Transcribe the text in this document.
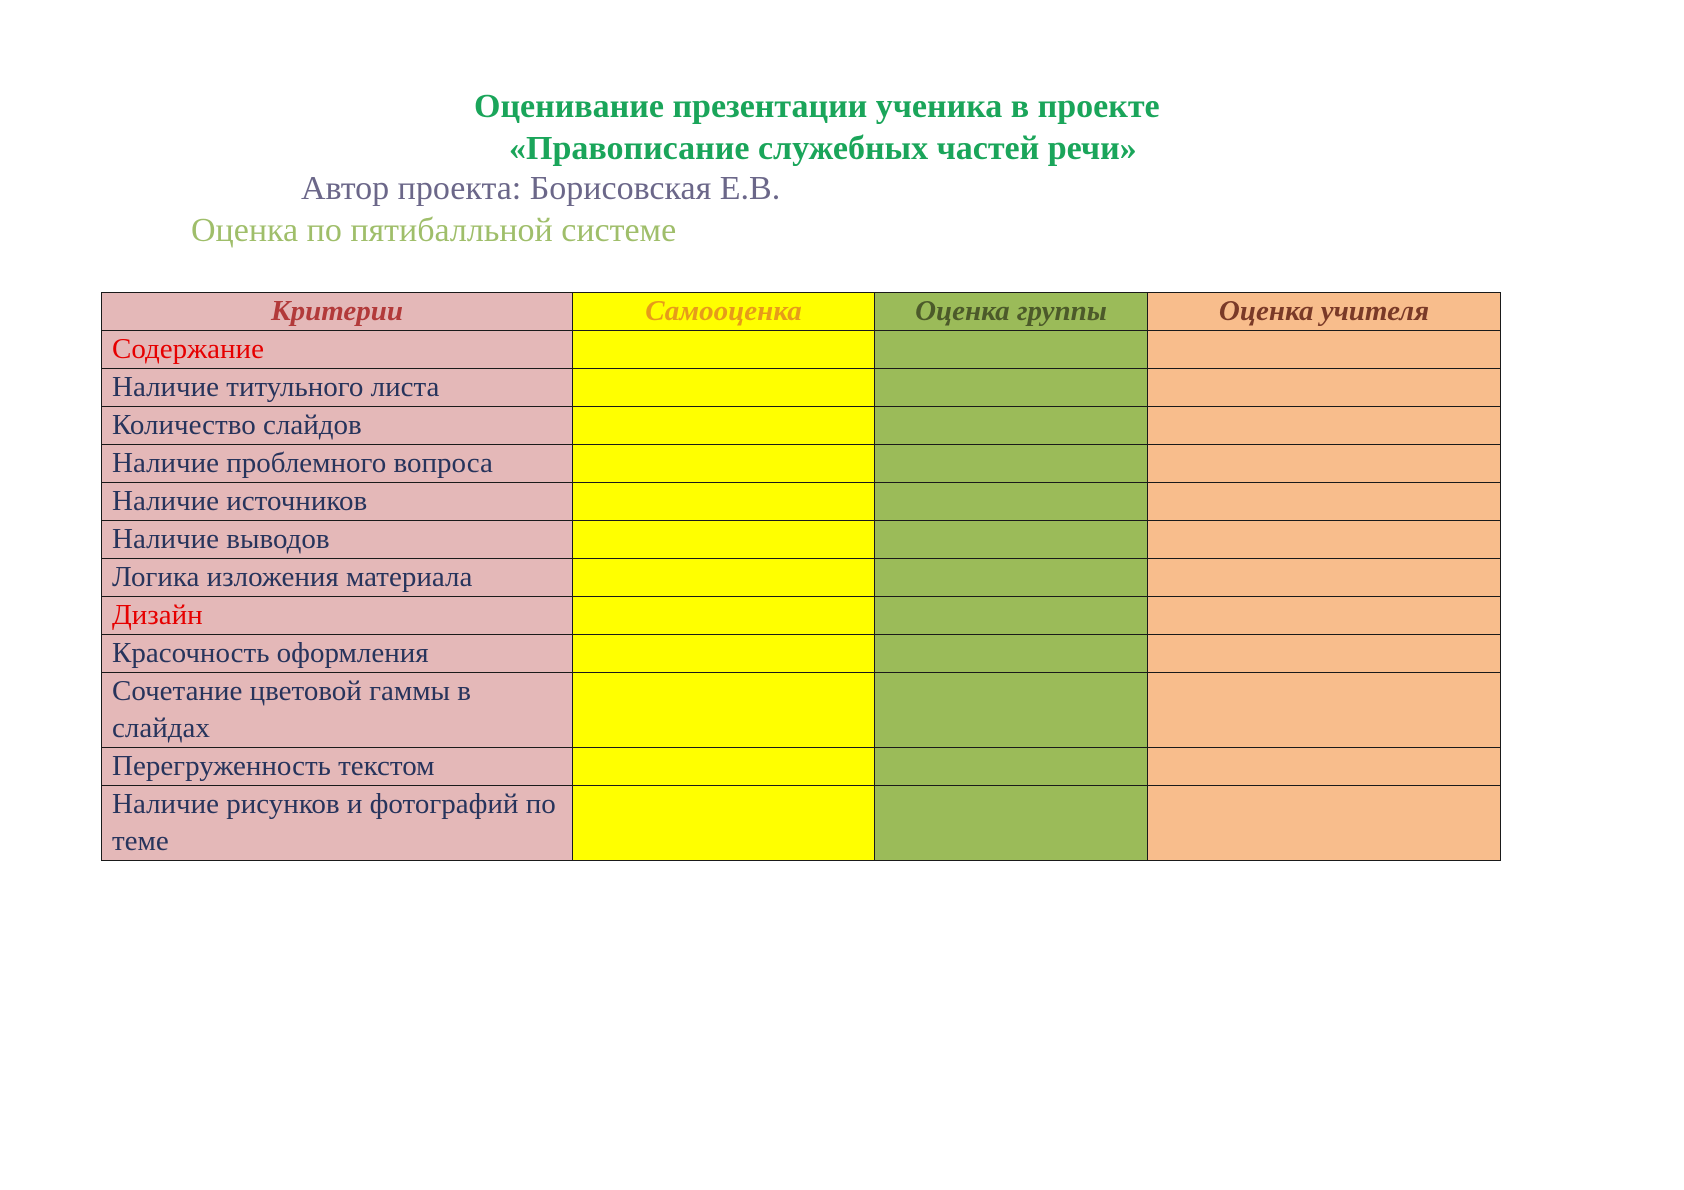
Оценивание презентации ученика в проекте
«Правописание служебных частей речи»
Автор проекта: Борисовская Е.В.
Оценка по пятибалльной системе
Критерии	Самооценка	Оценка группы	Оценка учителя
Содержание			
Наличие титульного листа			
Количество слайдов			
Наличие проблемного вопроса			
Наличие источников			
Наличие выводов			
Логика изложения материала			
Дизайн			
Красочность оформления			
Сочетание цветовой гаммы в слайдах			
Перегруженность текстом			
Наличие рисунков и фотографий по теме			
